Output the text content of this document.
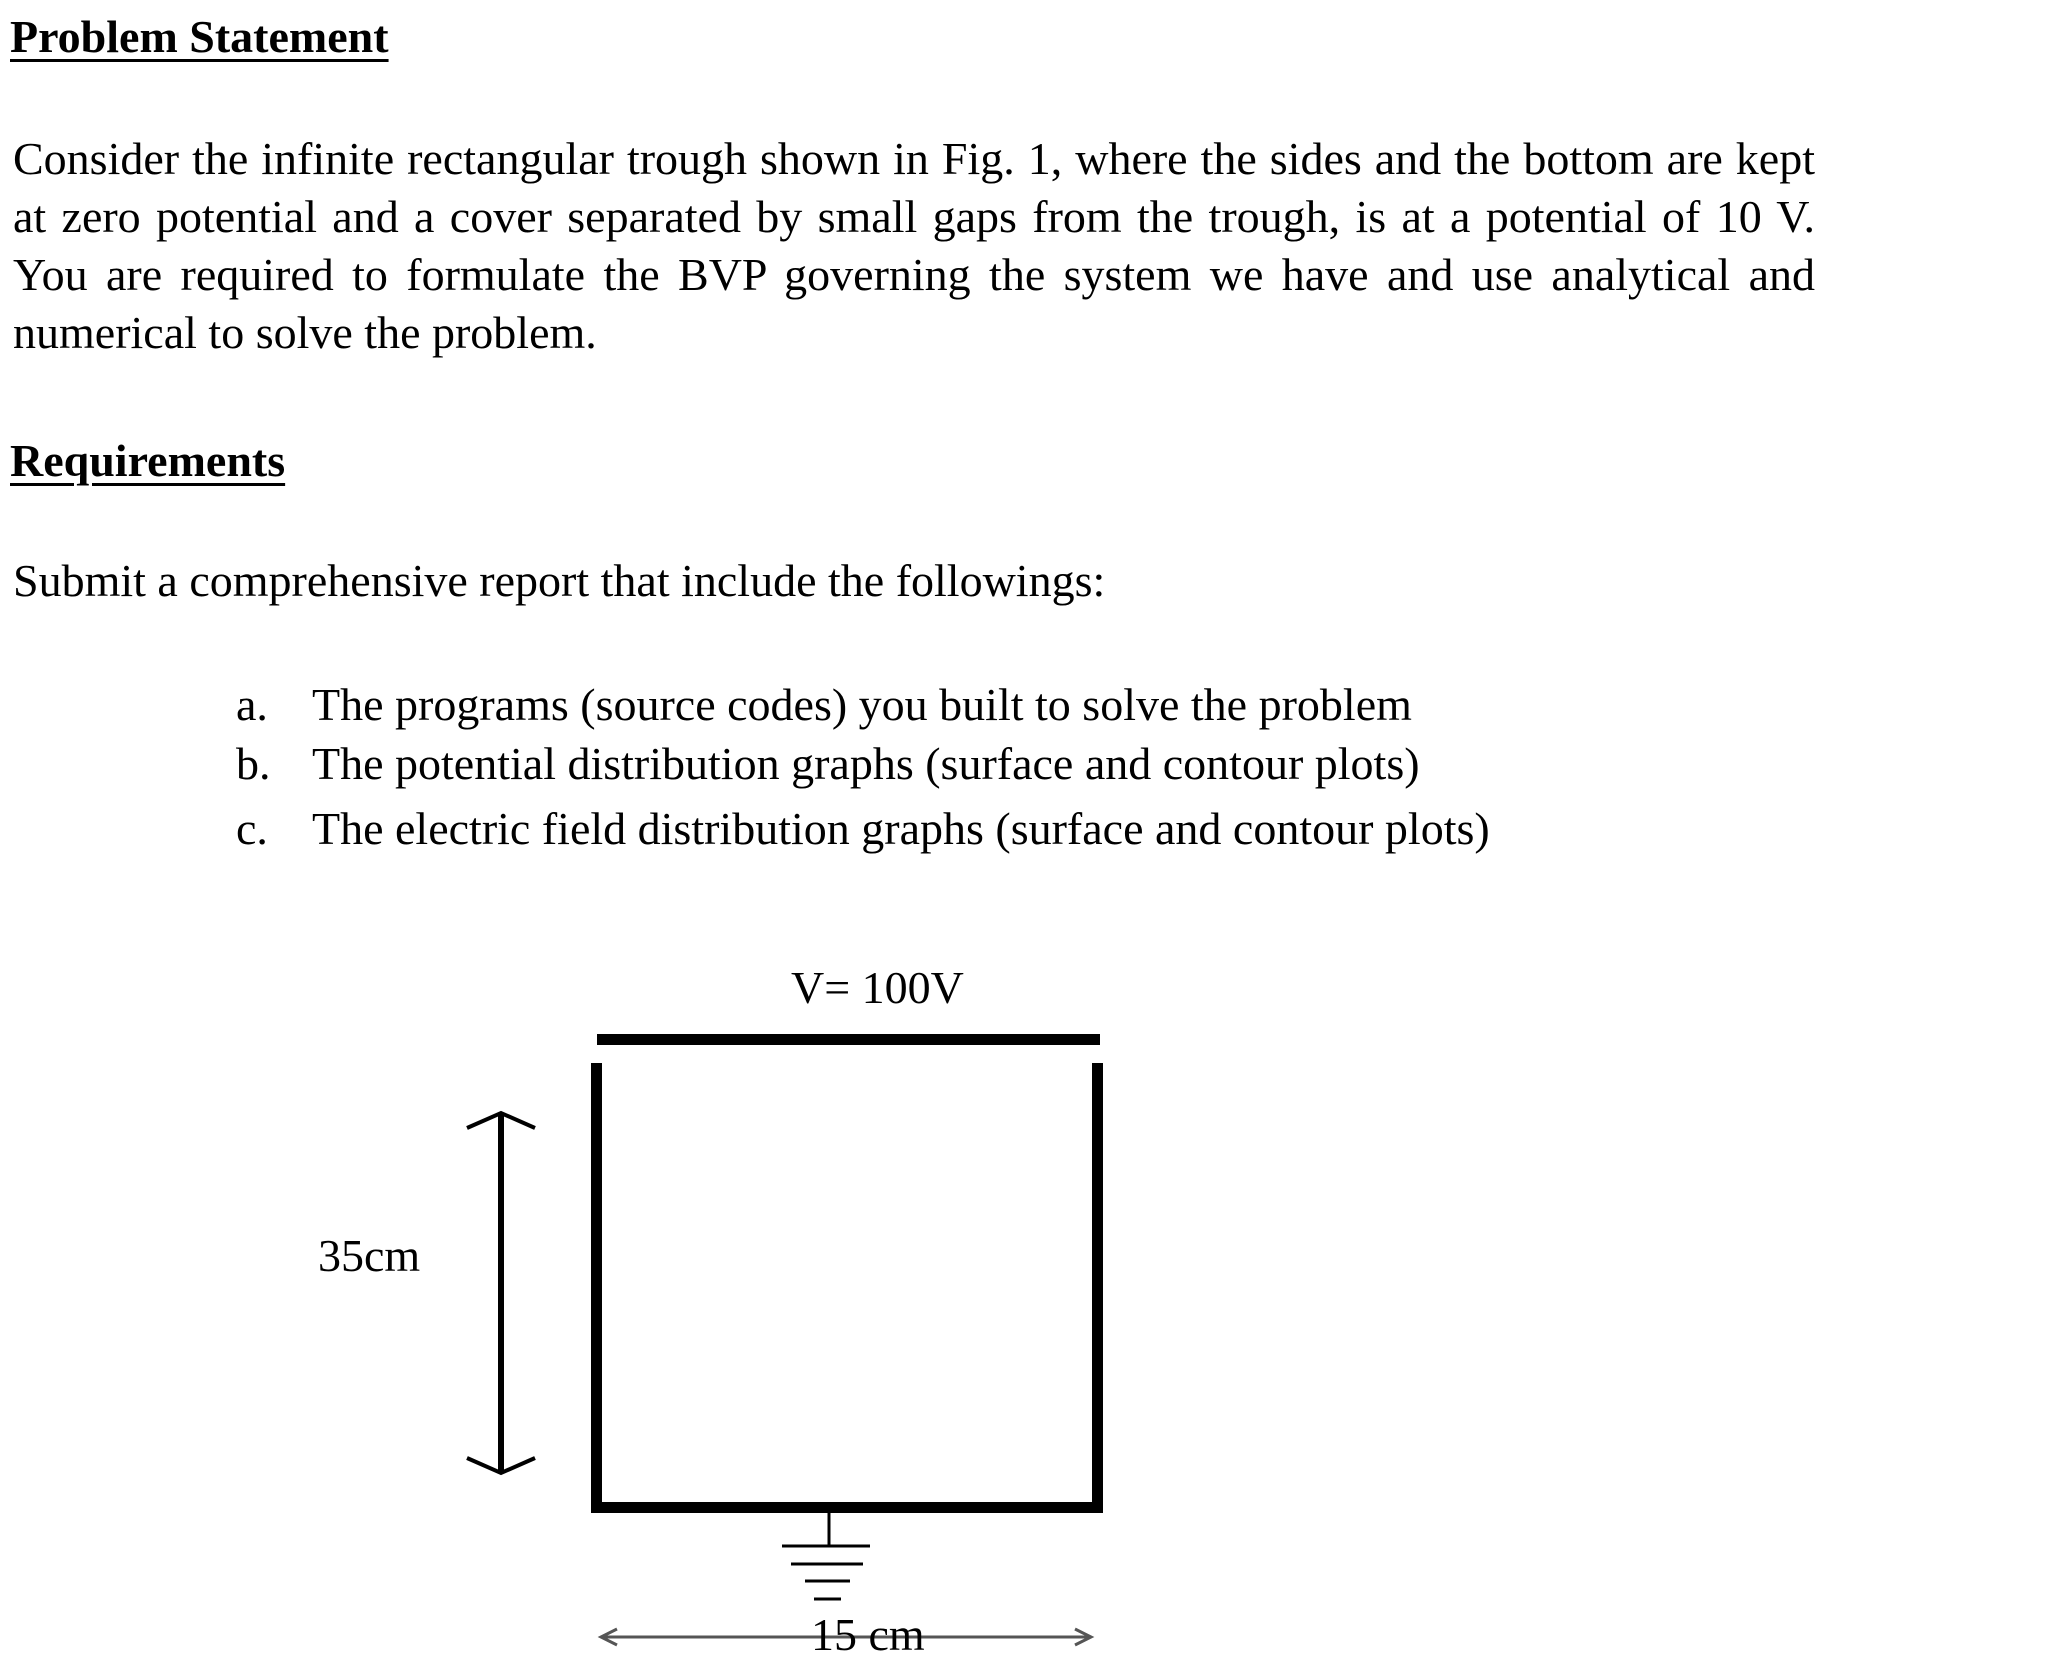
Problem Statement
Consider the infinite rectangular trough shown in Fig. 1, where the sides and the bottom are kept at zero potential and a cover separated by small gaps from the trough, is at a potential of 10 V. You are required to formulate the BVP governing the system we have and use analytical and numerical to solve the problem.
Requirements
Submit a comprehensive report that include the followings:
a. The programs (source codes) you built to solve the problem
b. The potential distribution graphs (surface and contour plots)
c. The electric field distribution graphs (surface and contour plots)
V= 100V
35cm
15 cm
